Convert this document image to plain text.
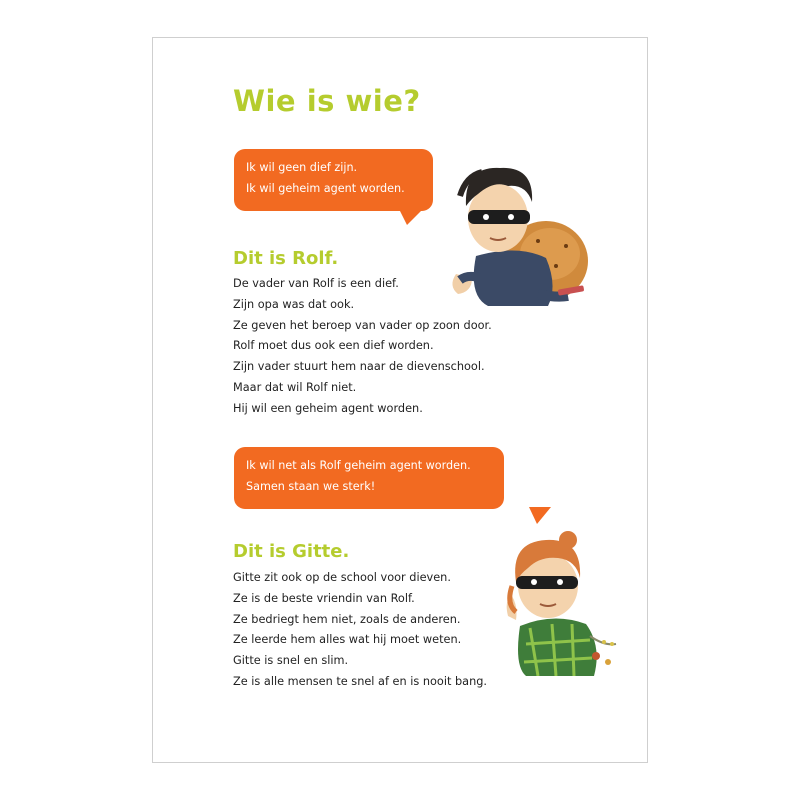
Wie is wie?
Ik wil geen dief zijn.
Ik wil geheim agent worden.
Dit is Rolf.
De vader van Rolf is een dief.
Zijn opa was dat ook.
Ze geven het beroep van vader op zoon door.
Rolf moet dus ook een dief worden.
Zijn vader stuurt hem naar de dievenschool.
Maar dat wil Rolf niet.
Hij wil een geheim agent worden.
Ik wil net als Rolf geheim agent worden.
Samen staan we sterk!
Dit is Gitte.
Gitte zit ook op de school voor dieven.
Ze is de beste vriendin van Rolf.
Ze bedriegt hem niet, zoals de anderen.
Ze leerde hem alles wat hij moet weten.
Gitte is snel en slim.
Ze is alle mensen te snel af en is nooit bang.
